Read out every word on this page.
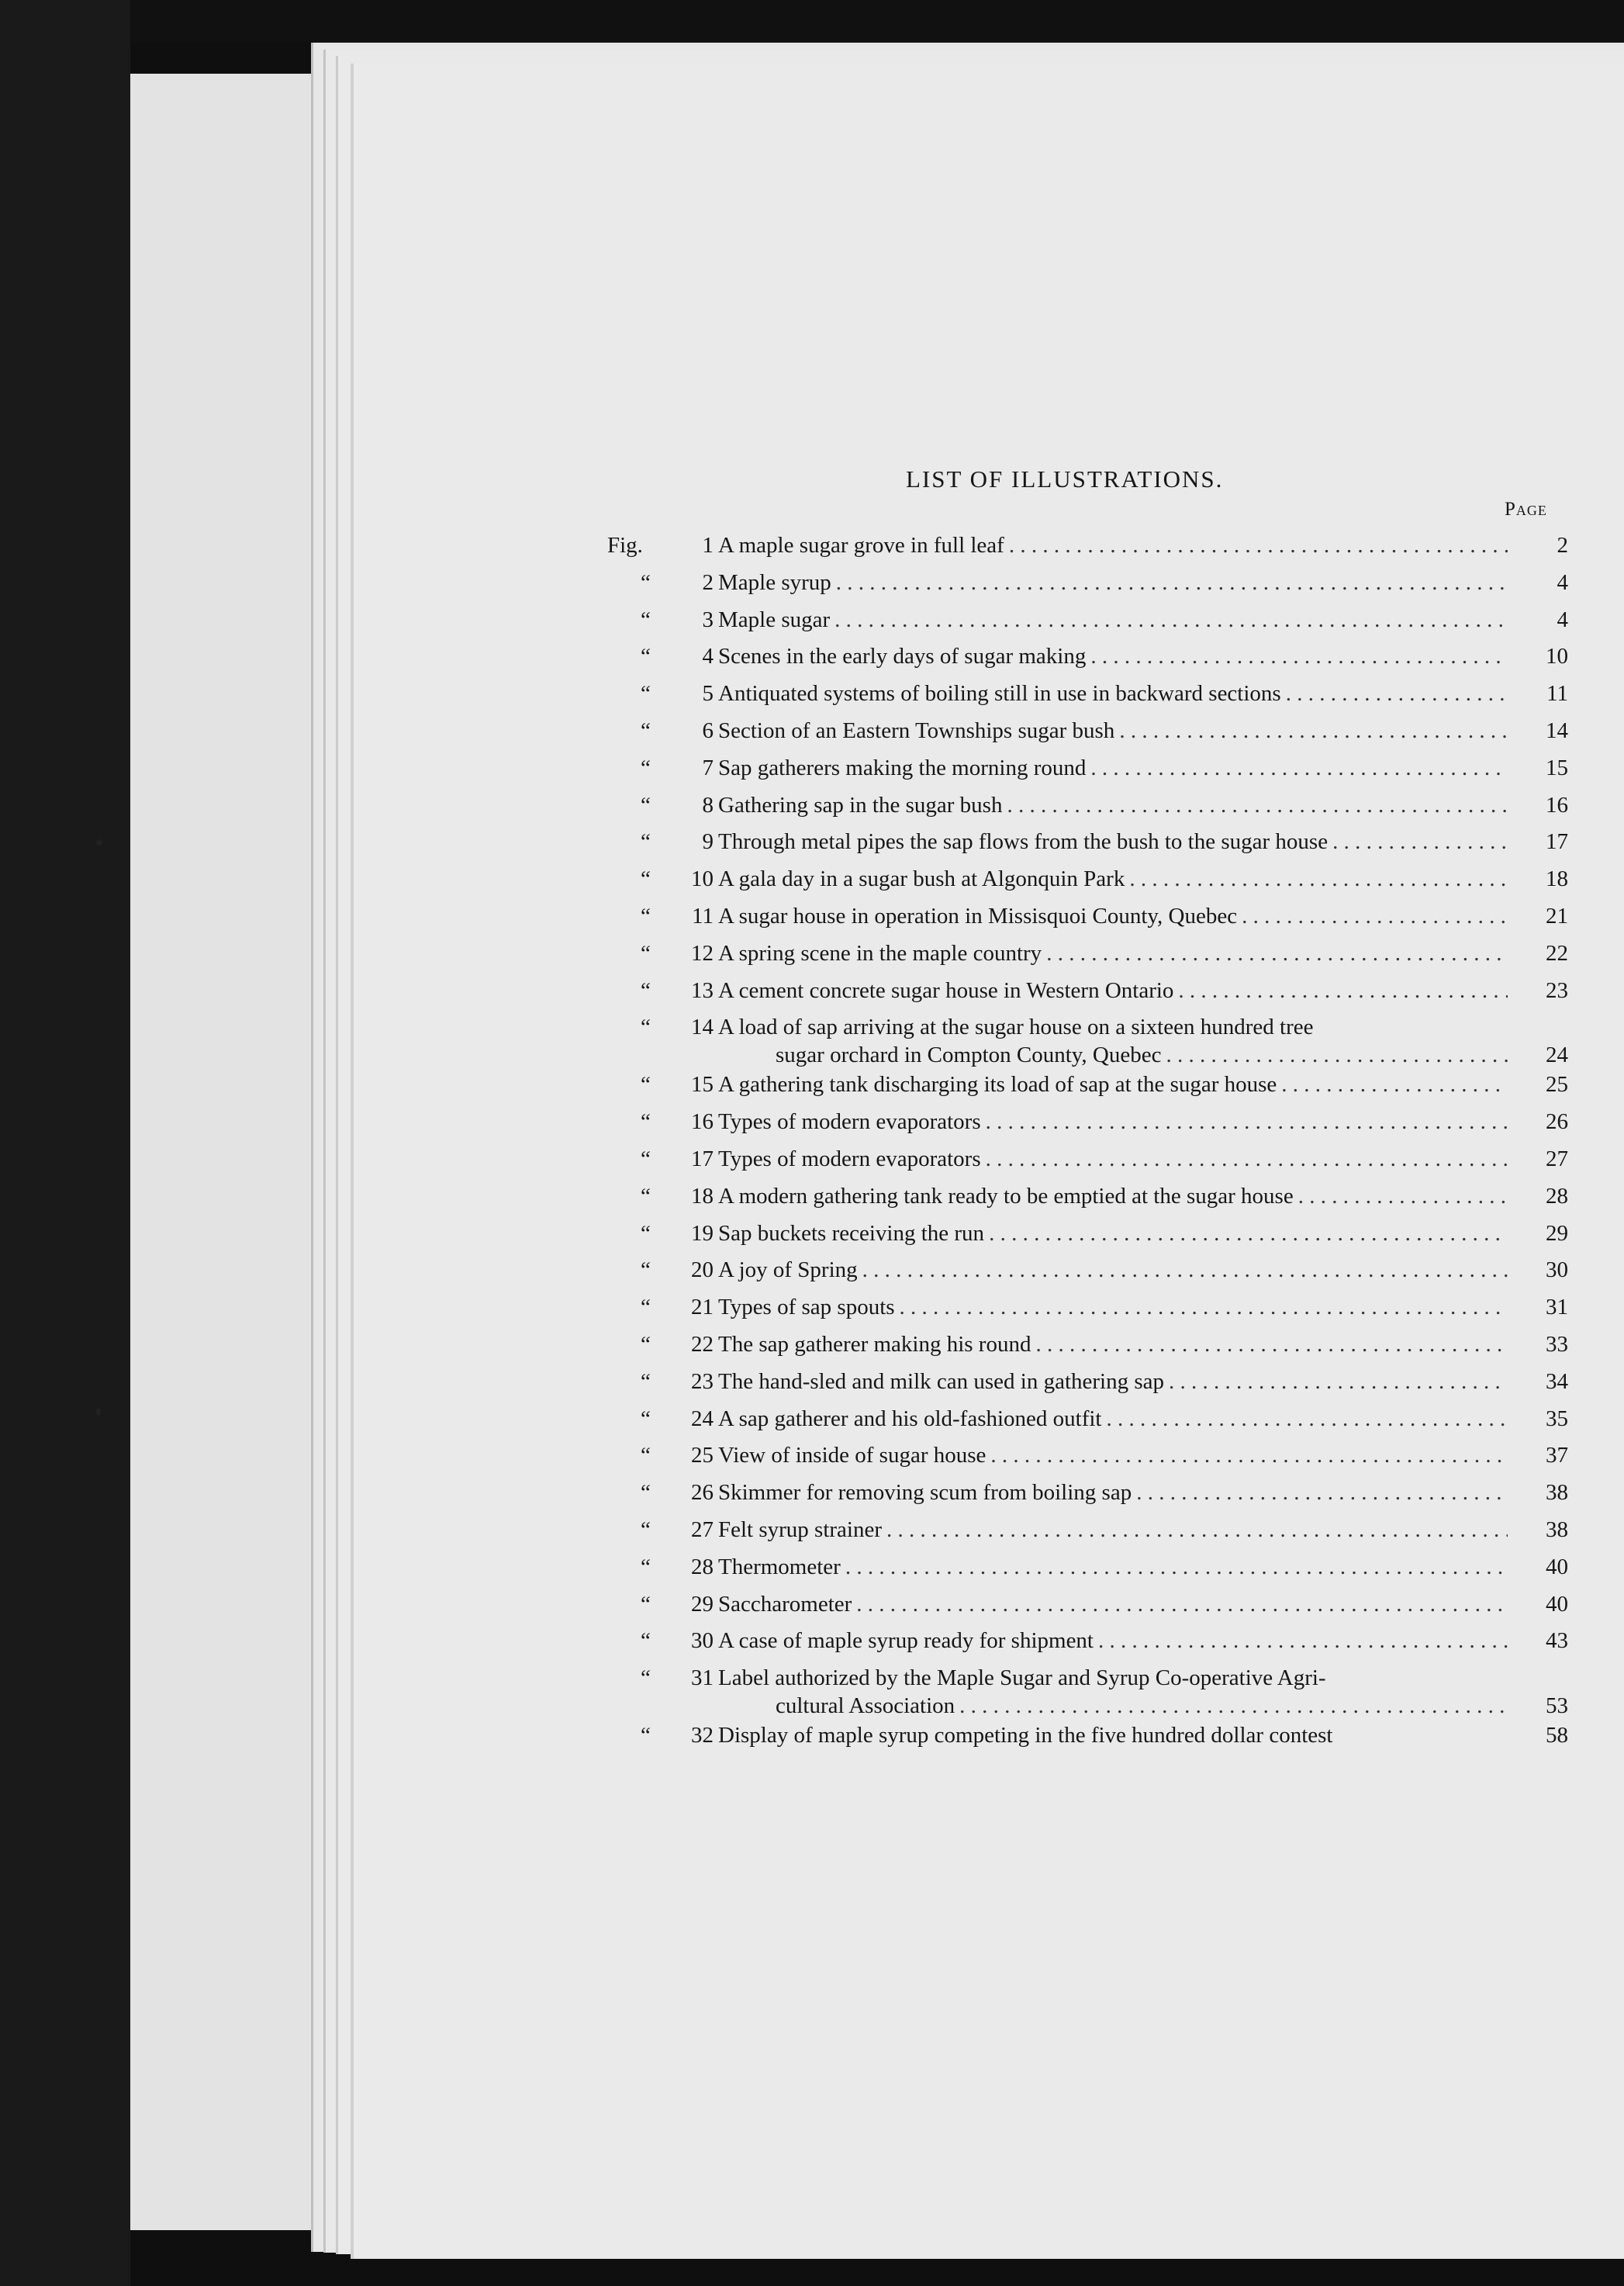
LIST OF ILLUSTRATIONS.
Page
Fig.	1 A maple sugar grove in full leaf . . .	2
“ 2 Maple syrup . . .	4
“ 3 Maple sugar . . .	4
“ 4 Scenes in the early days of sugar making . . .	10
“ 5 Antiquated systems of boiling still in use in backward sections . . .	11
“ 6 Section of an Eastern Townships sugar bush . . .	14
“ 7 Sap gatherers making the morning round . . .	15
“ 8 Gathering sap in the sugar bush . . .	16
“ 9 Through metal pipes the sap flows from the bush to the sugar house . . .	17
“ 10 A gala day in a sugar bush at Algonquin Park . . .	18
“ 11 A sugar house in operation in Missisquoi County, Quebec . . .	21
“ 12 A spring scene in the maple country . . .	22
“ 13 A cement concrete sugar house in Western Ontario . . .	23
“ 14 A load of sap arriving at the sugar house on a sixteen hundred tree
sugar orchard in Compton County, Quebec . . .	24
“ 15 A gathering tank discharging its load of sap at the sugar house . . .	25
“ 16 Types of modern evaporators . . .	26
“ 17 Types of modern evaporators . . .	27
“ 18 A modern gathering tank ready to be emptied at the sugar house . . .	28
“ 19 Sap buckets receiving the run . . .	29
“ 20 A joy of Spring . . .	30
“ 21 Types of sap spouts . . .	31
“ 22 The sap gatherer making his round . . .	33
“ 23 The hand-sled and milk can used in gathering sap . . .	34
“ 24 A sap gatherer and his old-fashioned outfit . . .	35
“ 25 View of inside of sugar house . . .	37
“ 26 Skimmer for removing scum from boiling sap . . .	38
“ 27 Felt syrup strainer . . .	38
“ 28 Thermometer . . .	40
“ 29 Saccharometer . . .	40
“ 30 A case of maple syrup ready for shipment . . .	43
“ 31 Label authorized by the Maple Sugar and Syrup Co-operative Agri-
cultural Association . . .	53
“ 32 Display of maple syrup competing in the five hundred dollar contest	58
